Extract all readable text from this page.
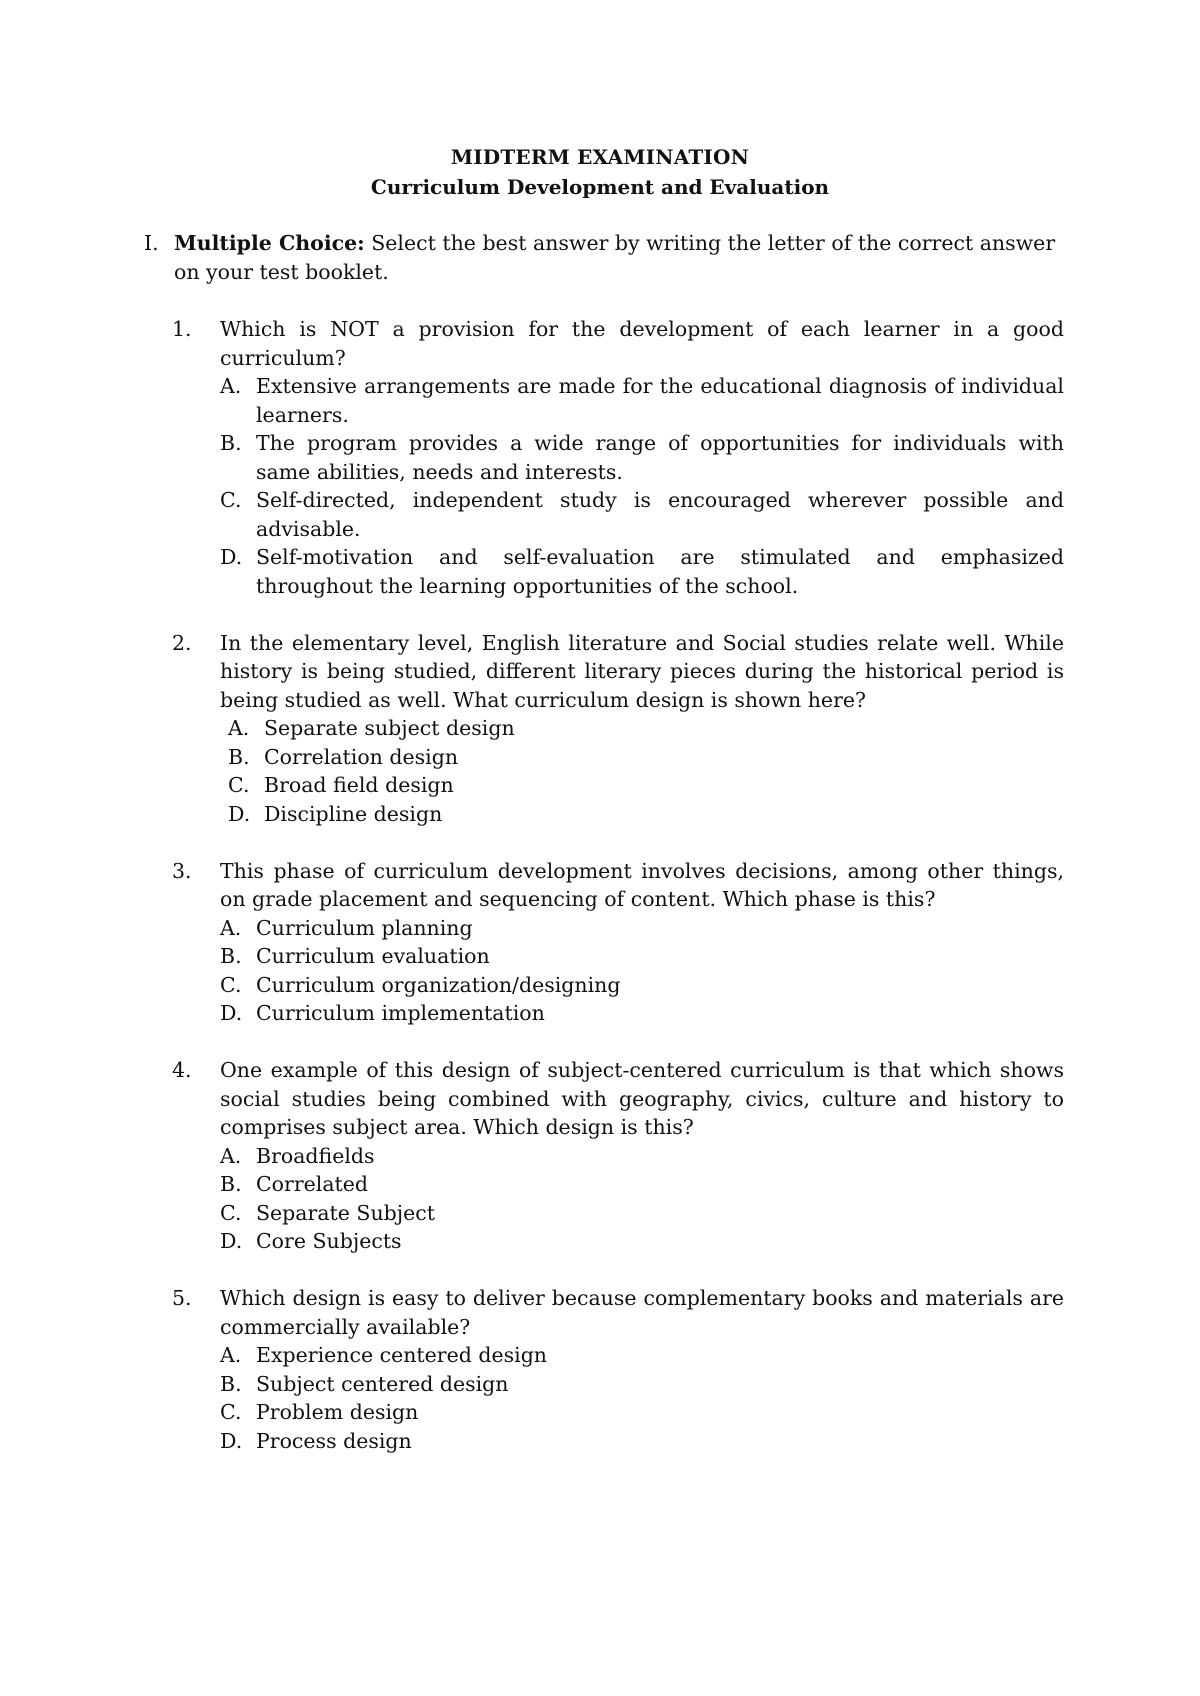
MIDTERM EXAMINATION
Curriculum Development and Evaluation
I. Multiple Choice: Select the best answer by writing the letter of the correct answer on your test booklet.
1.	Which is NOT a provision for the development of each learner in a good curriculum?
A. Extensive arrangements are made for the educational diagnosis of individual learners.
B. The program provides a wide range of opportunities for individuals with same abilities, needs and interests.
C. Self-directed, independent study is encouraged wherever possible and advisable.
D. Self-motivation and self-evaluation are stimulated and emphasized throughout the learning opportunities of the school.
2.	In the elementary level, English literature and Social studies relate well. While history is being studied, different literary pieces during the historical period is being studied as well. What curriculum design is shown here?
A. Separate subject design
B. Correlation design
C. Broad field design
D. Discipline design
3.	This phase of curriculum development involves decisions, among other things, on grade placement and sequencing of content. Which phase is this?
A. Curriculum planning
B. Curriculum evaluation
C. Curriculum organization/designing
D. Curriculum implementation
4.	One example of this design of subject-centered curriculum is that which shows social studies being combined with geography, civics, culture and history to comprises subject area. Which design is this?
A. Broadfields
B. Correlated
C. Separate Subject
D. Core Subjects
5.	Which design is easy to deliver because complementary books and materials are commercially available?
A. Experience centered design
B. Subject centered design
C. Problem design
D. Process design
